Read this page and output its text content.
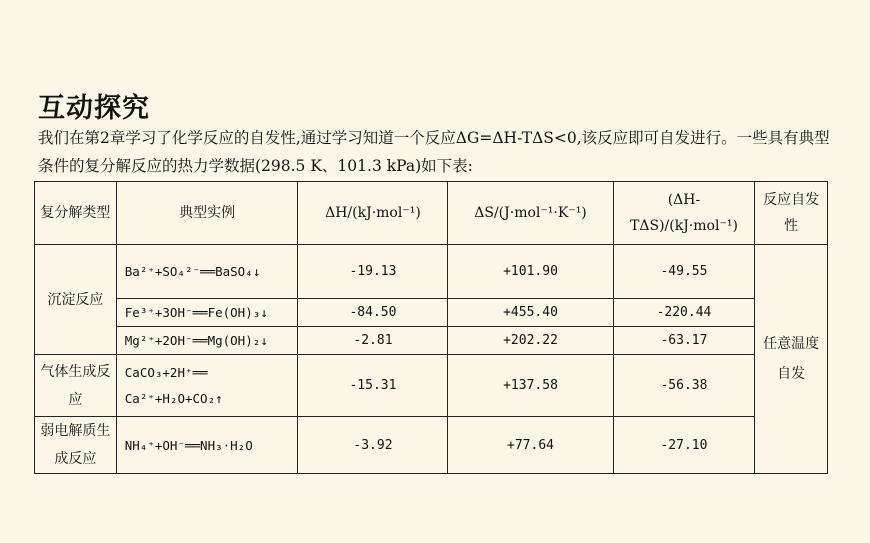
互动探究
我们在第2章学习了化学反应的自发性,通过学习知道一个反应ΔG=ΔH-TΔS<0,该反应即可自发进行。一些具有典型条件的复分解反应的热力学数据(298.5 K、101.3 kPa)如下表:
复分解类型	典型实例	ΔH/(kJ·mol⁻¹)	ΔS/(J·mol⁻¹·K⁻¹)	(ΔH-TΔS)/(kJ·mol⁻¹)	反应自发性
沉淀反应	Ba²⁺+SO₄²⁻══BaSO₄↓	-19.13	+101.90	-49.55	任意温度自发
	Fe³⁺+3OH⁻══Fe(OH)₃↓	-84.50	+455.40	-220.44	
	Mg²⁺+2OH⁻══Mg(OH)₂↓	-2.81	+202.22	-63.17	
气体生成反应	CaCO₃+2H⁺══ Ca²⁺+H₂O+CO₂↑	-15.31	+137.58	-56.38	
弱电解质生成反应	NH₄⁺+OH⁻══NH₃·H₂O	-3.92	+77.64	-27.10	
